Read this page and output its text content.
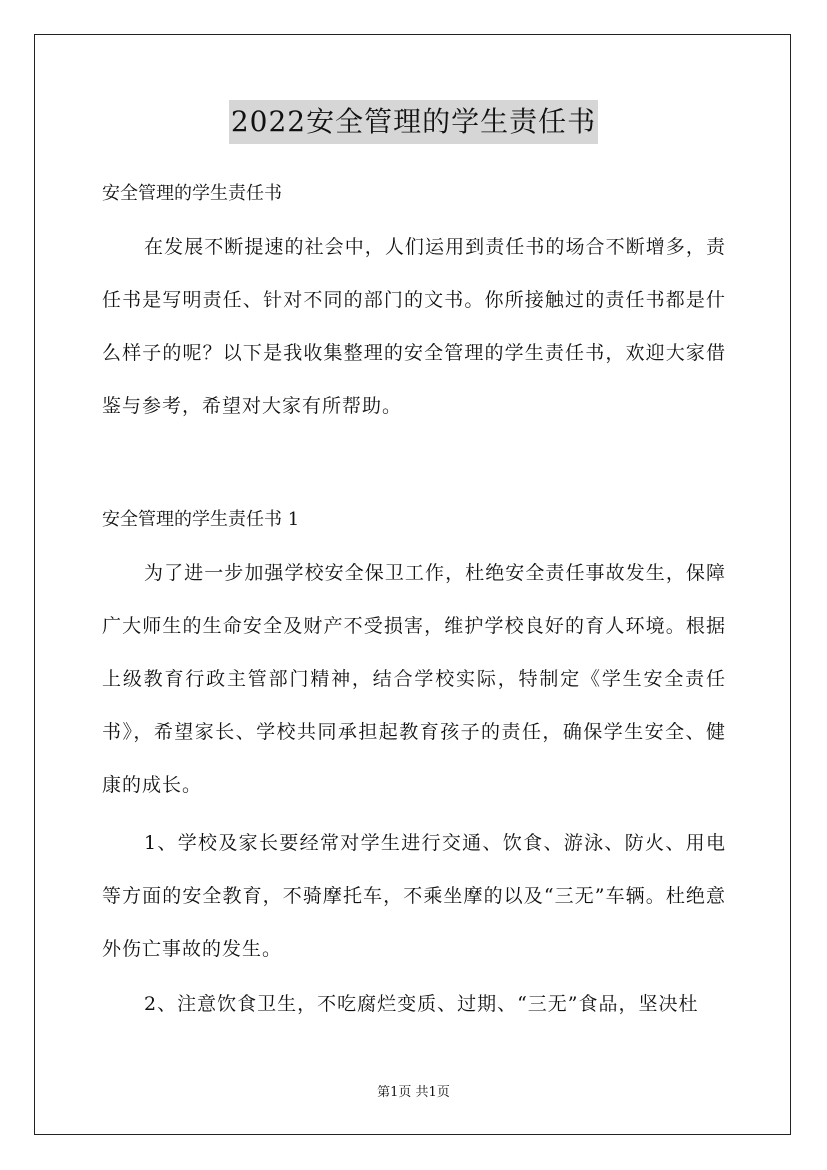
2022安全管理的学生责任书
安全管理的学生责任书

在发展不断提速的社会中，人们运用到责任书的场合不断增多，责任书是写明责任、针对不同的部门的文书。你所接触过的责任书都是什么样子的呢？以下是我收集整理的安全管理的学生责任书，欢迎大家借鉴与参考，希望对大家有所帮助。

安全管理的学生责任书 1

为了进一步加强学校安全保卫工作，杜绝安全责任事故发生，保障广大师生的生命安全及财产不受损害，维护学校良好的育人环境。根据上级教育行政主管部门精神，结合学校实际，特制定《学生安全责任书》，希望家长、学校共同承担起教育孩子的责任，确保学生安全、健康的成长。

1、学校及家长要经常对学生进行交通、饮食、游泳、防火、用电等方面的安全教育，不骑摩托车，不乘坐摩的以及“三无”车辆。杜绝意外伤亡事故的发生。

2、注意饮食卫生，不吃腐烂变质、过期、“三无”食品，坚决杜

第1页 共1页
